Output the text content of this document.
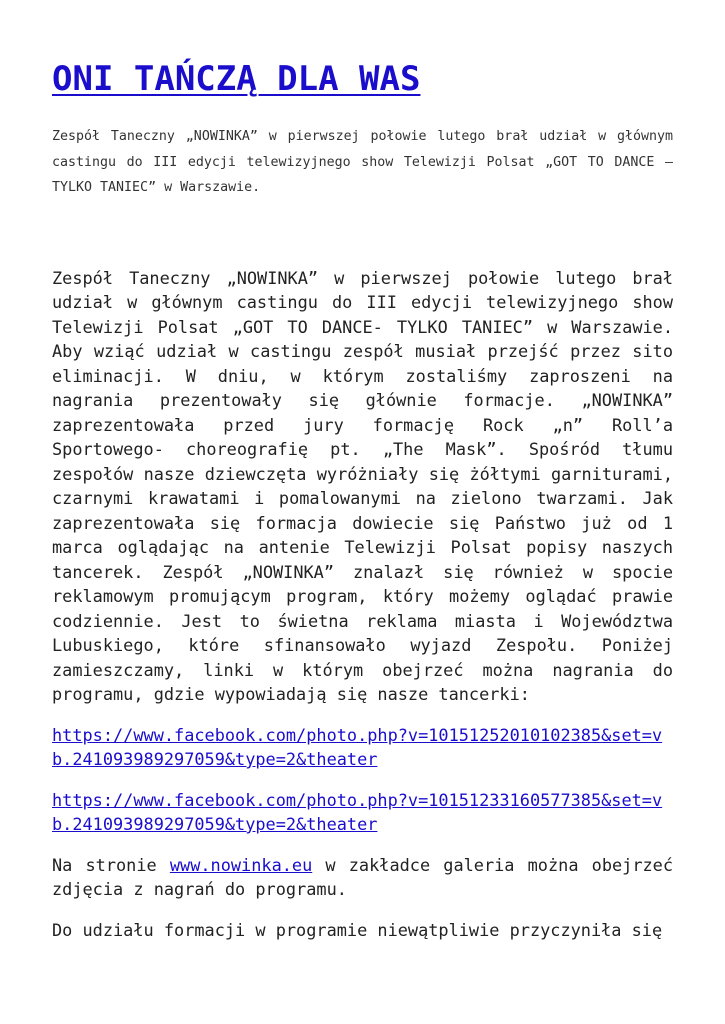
ONI TAŃCZĄ DLA WAS

Zespół Taneczny „NOWINKA” w pierwszej połowie lutego brał udział w głównym castingu do III edycji telewizyjnego show Telewizji Polsat „GOT TO DANCE – TYLKO TANIEC” w Warszawie.

Zespół Taneczny „NOWINKA” w pierwszej połowie lutego brał udział w głównym castingu do III edycji telewizyjnego show Telewizji Polsat „GOT TO DANCE- TYLKO TANIEC” w Warszawie. Aby wziąć udział w castingu zespół musiał przejść przez sito eliminacji. W dniu, w którym zostaliśmy zaproszeni na nagrania prezentowały się głównie formacje. „NOWINKA” zaprezentowała przed jury formację Rock „n” Roll’a Sportowego- choreografię pt. „The Mask”. Spośród tłumu zespołów nasze dziewczęta wyróżniały się żółtymi garniturami, czarnymi krawatami i pomalowanymi na zielono twarzami. Jak zaprezentowała się formacja dowiecie się Państwo już od 1 marca oglądając na antenie Telewizji Polsat popisy naszych tancerek. Zespół „NOWINKA” znalazł się również w spocie reklamowym promującym program, który możemy oglądać prawie codziennie. Jest to świetna reklama miasta i Województwa Lubuskiego, które sfinansowało wyjazd Zespołu. Poniżej zamieszczamy, linki w którym obejrzeć można nagrania do programu, gdzie wypowiadają się nasze tancerki:

https://www.facebook.com/photo.php?v=10151252010102385&set=vb.241093989297059&type=2&theater

https://www.facebook.com/photo.php?v=10151233160577385&set=vb.241093989297059&type=2&theater

Na stronie www.nowinka.eu w zakładce galeria można obejrzeć zdjęcia z nagrań do programu.

Do udziału formacji w programie niewątpliwie przyczyniła się
